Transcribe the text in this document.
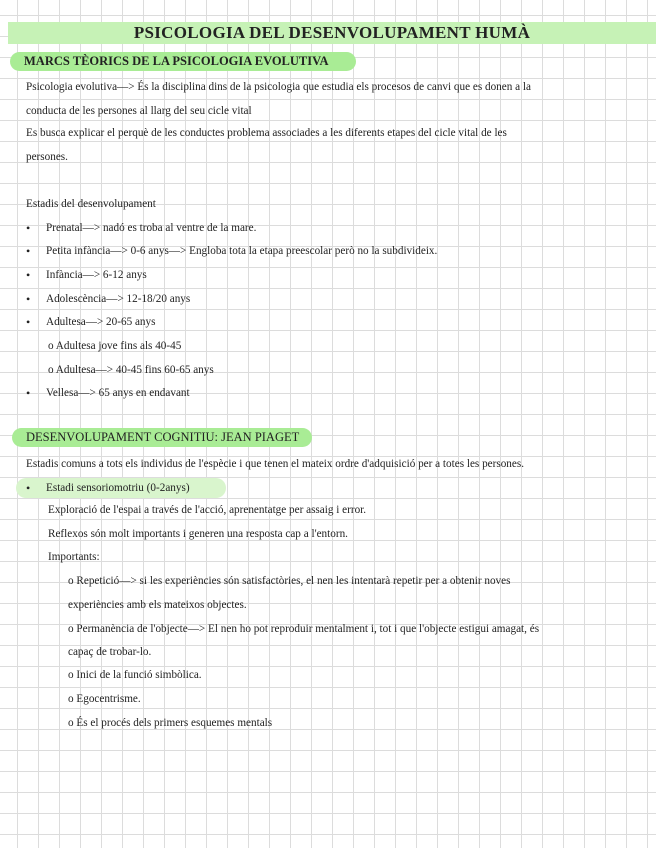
PSICOLOGIA DEL DESENVOLUPAMENT HUMÀ
MARCS TÈORICS DE LA PSICOLOGIA EVOLUTIVA
Psicologia evolutiva—> És la disciplina dins de la psicologia que estudia els procesos de canvi que es donen a la
conducta de les persones al llarg del seu cicle vital
Es busca explicar el perquè de les conductes problema associades a les diferents etapes del cicle vital de les
persones.
Estadis del desenvolupament
• Prenatal—> nadó es troba al ventre de la mare.
• Petita infància—> 0-6 anys—> Engloba tota la etapa preescolar però no la subdivideix.
• Infància—> 6-12 anys
• Adolescència—> 12-18/20 anys
• Adultesa—> 20-65 anys
o Adultesa jove fins als 40-45
o Adultesa—> 40-45 fins 60-65 anys
• Vellesa—> 65 anys en endavant
DESENVOLUPAMENT COGNITIU: JEAN PIAGET
Estadis comuns a tots els individus de l'espècie i que tenen el mateix ordre d'adquisició per a totes les persones.
• Estadi sensoriomotriu (0-2anys)
Exploració de l'espai a través de l'acció, aprenentatge per assaig i error.
Reflexos són molt importants i generen una resposta cap a l'entorn.
Importants:
o Repetició—> si les experiències són satisfactòries, el nen les intentarà repetir per a obtenir noves
experiències amb els mateixos objectes.
o Permanència de l'objecte—> El nen ho pot reproduir mentalment i, tot i que l'objecte estigui amagat, és
capaç de trobar-lo.
o Inici de la funció simbòlica.
o Egocentrisme.
o És el procés dels primers esquemes mentals
